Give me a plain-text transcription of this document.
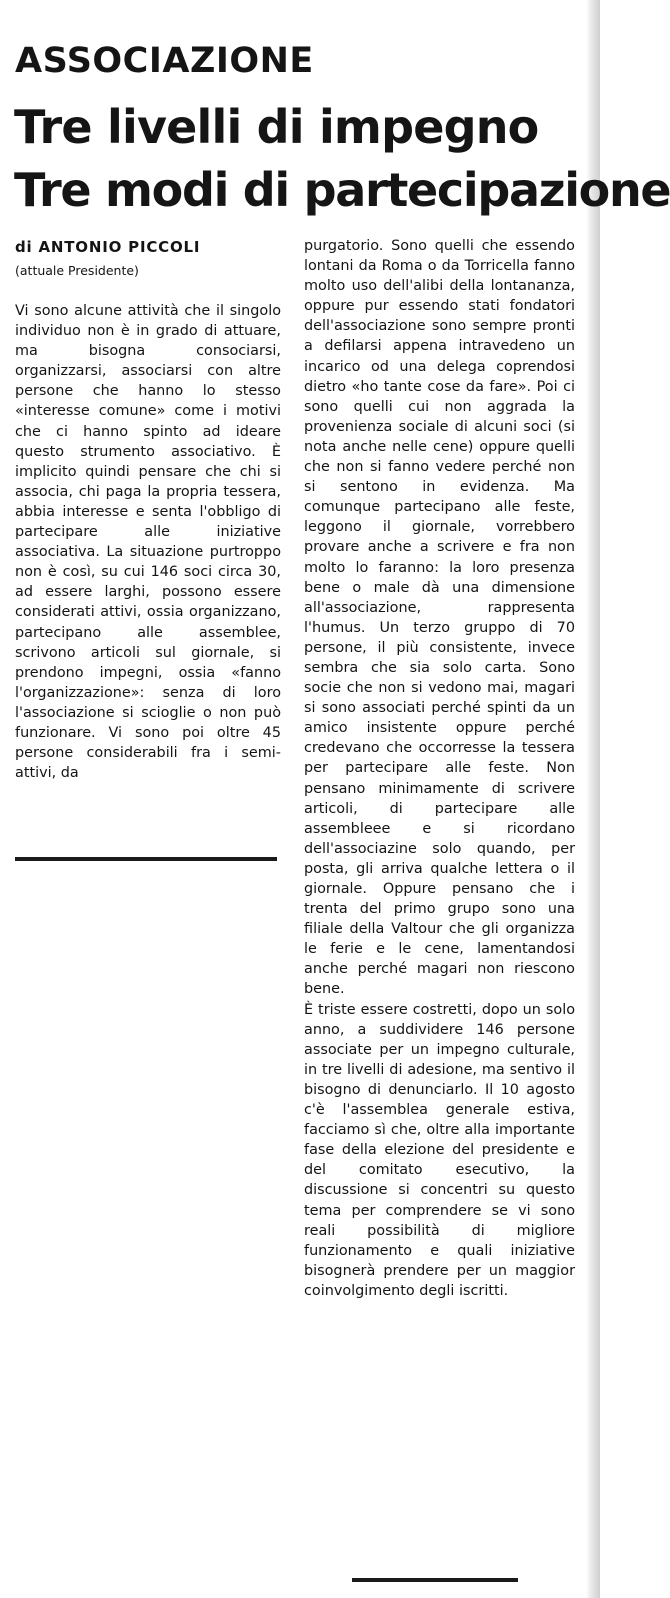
ASSOCIAZIONE
Tre livelli di impegno
Tre modi di partecipazione
di ANTONIO PICCOLI
(attuale Presidente)

Vi sono alcune attività che il singolo individuo non è in grado di attuare, ma bisogna consociarsi, organizzarsi, associarsi con altre persone che hanno lo stesso «interesse comune» come i motivi che ci hanno spinto ad ideare questo strumento associativo. È implicito quindi pensare che chi si associa, chi paga la propria tessera, abbia interesse e senta l'obbligo di partecipare alle iniziative associativa. La situazione purtroppo non è così, su cui 146 soci circa 30, ad essere larghi, possono essere considerati attivi, ossia organizzano, partecipano alle assemblee, scrivono articoli sul giornale, si prendono impegni, ossia «fanno l'organizzazione»: senza di loro l'associazione si scioglie o non può funzionare. Vi sono poi oltre 45 persone considerabili fra i semi-attivi, da

purgatorio. Sono quelli che essendo lontani da Roma o da Torricella fanno molto uso dell'alibi della lontananza, oppure pur essendo stati fondatori dell'associazione sono sempre pronti a defilarsi appena intravedeno un incarico od una delega coprendosi dietro «ho tante cose da fare». Poi ci sono quelli cui non aggrada la provenienza sociale di alcuni soci (si nota anche nelle cene) oppure quelli che non si fanno vedere perché non si sentono in evidenza. Ma comunque partecipano alle feste, leggono il giornale, vorrebbero provare anche a scrivere e fra non molto lo faranno: la loro presenza bene o male dà una dimensione all'associazione, rappresenta l'humus. Un terzo gruppo di 70 persone, il più consistente, invece sembra che sia solo carta. Sono socie che non si vedono mai, magari si sono associati perché spinti da un amico insistente oppure perché credevano che occorresse la tessera per partecipare alle feste. Non pensano minimamente di scrivere articoli, di partecipare alle assembleee e si ricordano dell'associazine solo quando, per posta, gli arriva qualche lettera o il giornale. Oppure pensano che i trenta del primo grupo sono una filiale della Valtour che gli organizza le ferie e le cene, lamentandosi anche perché magari non riescono bene.

È triste essere costretti, dopo un solo anno, a suddividere 146 persone associate per un impegno culturale, in tre livelli di adesione, ma sentivo il bisogno di denunciarlo. Il 10 agosto c'è l'assemblea generale estiva, facciamo sì che, oltre alla importante fase della elezione del presidente e del comitato esecutivo, la discussione si concentri su questo tema per comprendere se vi sono reali possibilità di migliore funzionamento e quali iniziative bisognerà prendere per un maggior coinvolgimento degli iscritti.
